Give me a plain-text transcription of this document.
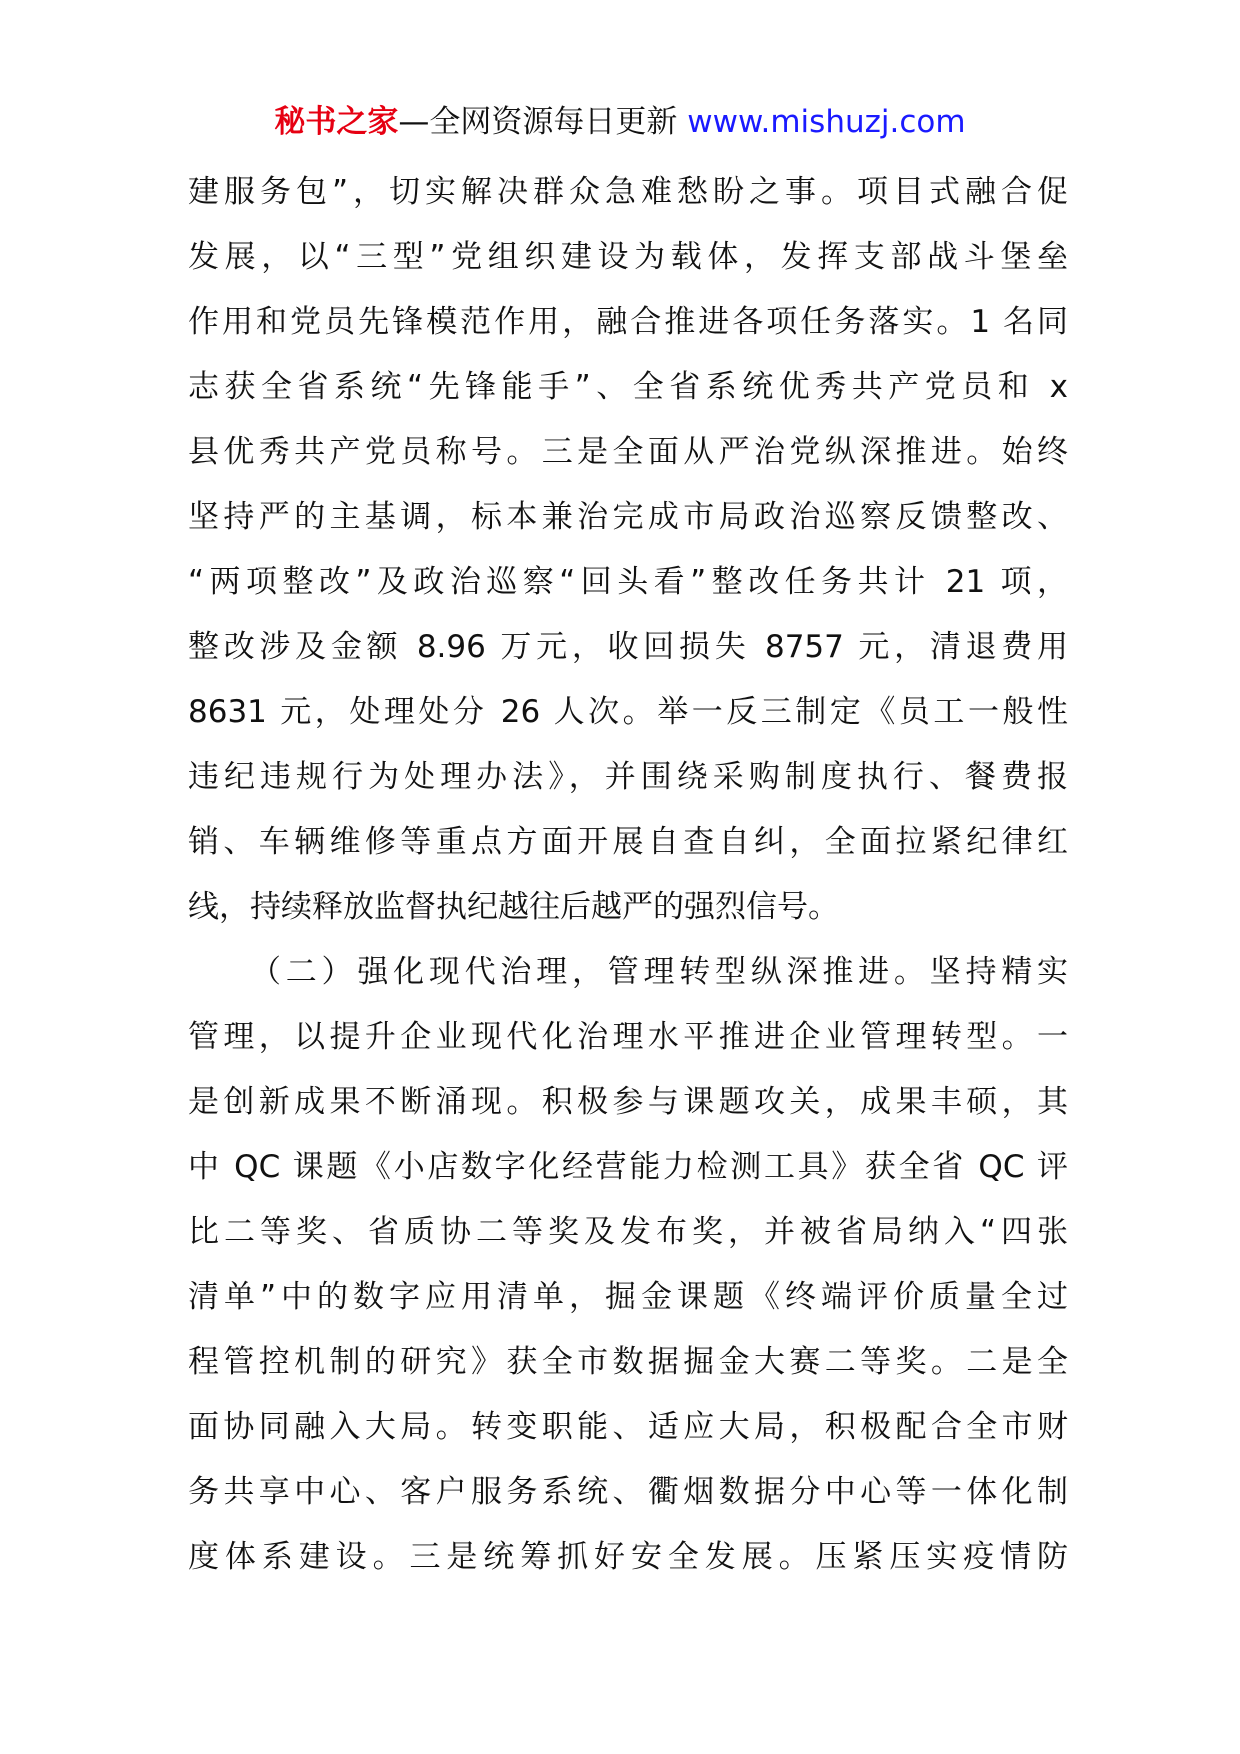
秘书之家—全网资源每日更新 www.mishuzj.com
建服务包”，切实解决群众急难愁盼之事。项目式融合促
发展，以“三型”党组织建设为载体，发挥支部战斗堡垒
作用和党员先锋模范作用，融合推进各项任务落实。1 名同
志获全省系统“先锋能手”、全省系统优秀共产党员和 x
县优秀共产党员称号。三是全面从严治党纵深推进。始终
坚持严的主基调，标本兼治完成市局政治巡察反馈整改、
“两项整改”及政治巡察“回头看”整改任务共计 21 项，
整改涉及金额 8.96 万元，收回损失 8757 元，清退费用
8631 元，处理处分 26 人次。举一反三制定《员工一般性
违纪违规行为处理办法》，并围绕采购制度执行、餐费报
销、车辆维修等重点方面开展自查自纠，全面拉紧纪律红
线，持续释放监督执纪越往后越严的强烈信号。
（二）强化现代治理，管理转型纵深推进。坚持精实
管理，以提升企业现代化治理水平推进企业管理转型。一
是创新成果不断涌现。积极参与课题攻关，成果丰硕，其
中 QC 课题《小店数字化经营能力检测工具》获全省 QC 评
比二等奖、省质协二等奖及发布奖，并被省局纳入“四张
清单”中的数字应用清单，掘金课题《终端评价质量全过
程管控机制的研究》获全市数据掘金大赛二等奖。二是全
面协同融入大局。转变职能、适应大局，积极配合全市财
务共享中心、客户服务系统、衢烟数据分中心等一体化制
度体系建设。三是统筹抓好安全发展。压紧压实疫情防
